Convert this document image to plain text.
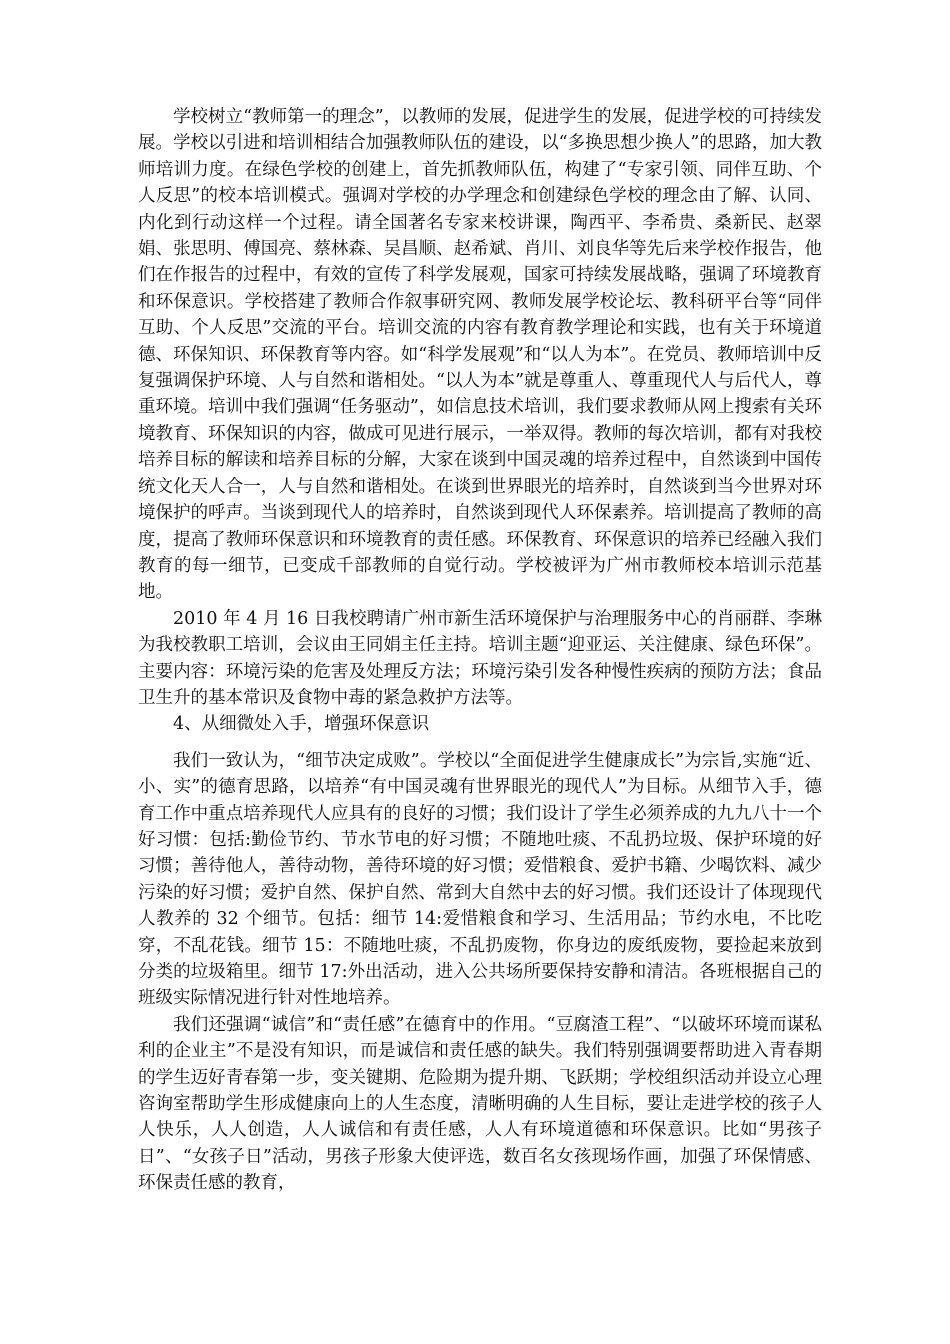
学校树立“教师第一的理念”，以教师的发展，促进学生的发展，促进学校的可持续发展。学校以引进和培训相结合加强教师队伍的建设，以“多换思想少换人”的思路，加大教师培训力度。在绿色学校的创建上，首先抓教师队伍，构建了“专家引领、同伴互助、个人反思”的校本培训模式。强调对学校的办学理念和创建绿色学校的理念由了解、认同、内化到行动这样一个过程。请全国著名专家来校讲课，陶西平、李希贵、桑新民、赵翠娟、张思明、傅国亮、蔡林森、吴昌顺、赵希斌、肖川、刘良华等先后来学校作报告，他们在作报告的过程中，有效的宣传了科学发展观，国家可持续发展战略，强调了环境教育和环保意识。学校搭建了教师合作叙事研究网、教师发展学校论坛、教科研平台等“同伴互助、个人反思”交流的平台。培训交流的内容有教育教学理论和实践，也有关于环境道德、环保知识、环保教育等内容。如“科学发展观”和“以人为本”。在党员、教师培训中反复强调保护环境、人与自然和谐相处。“以人为本”就是尊重人、尊重现代人与后代人，尊重环境。培训中我们强调“任务驱动”，如信息技术培训，我们要求教师从网上搜索有关环境教育、环保知识的内容，做成可见进行展示，一举双得。教师的每次培训，都有对我校培养目标的解读和培养目标的分解，大家在谈到中国灵魂的培养过程中，自然谈到中国传统文化天人合一，人与自然和谐相处。在谈到世界眼光的培养时，自然谈到当今世界对环境保护的呼声。当谈到现代人的培养时，自然谈到现代人环保素养。培训提高了教师的高度，提高了教师环保意识和环境教育的责任感。环保教育、环保意识的培养已经融入我们教育的每一细节，已变成千部教师的自觉行动。学校被评为广州市教师校本培训示范基地。

2010 年 4 月 16 日我校聘请广州市新生活环境保护与治理服务中心的肖丽群、李琳为我校教职工培训，会议由王同娟主任主持。培训主题“迎亚运、关注健康、绿色环保”。主要内容：环境污染的危害及处理反方法；环境污染引发各种慢性疾病的预防方法；食品卫生升的基本常识及食物中毒的紧急救护方法等。

4、从细微处入手，增强环保意识

我们一致认为，“细节决定成败”。学校以“全面促进学生健康成长”为宗旨,实施“近、小、实”的德育思路，以培养“有中国灵魂有世界眼光的现代人”为目标。从细节入手，德育工作中重点培养现代人应具有的良好的习惯；我们设计了学生必须养成的九九八十一个好习惯：包括:勤俭节约、节水节电的好习惯；不随地吐痰、不乱扔垃圾、保护环境的好习惯；善待他人，善待动物，善待环境的好习惯；爱惜粮食、爱护书籍、少喝饮料、减少污染的好习惯；爱护自然、保护自然、常到大自然中去的好习惯。我们还设计了体现现代人教养的 32 个细节。包括：细节 14:爱惜粮食和学习、生活用品；节约水电，不比吃穿，不乱花钱。细节 15：不随地吐痰，不乱扔废物，你身边的废纸废物，要捡起来放到分类的垃圾箱里。细节 17:外出活动，进入公共场所要保持安静和清洁。各班根据自己的班级实际情况进行针对性地培养。

我们还强调“诚信”和“责任感”在德育中的作用。“豆腐渣工程”、“以破坏环境而谋私利的企业主”不是没有知识，而是诚信和责任感的缺失。我们特别强调要帮助进入青春期的学生迈好青春第一步，变关键期、危险期为提升期、飞跃期；学校组织活动并设立心理咨询室帮助学生形成健康向上的人生态度，清晰明确的人生目标，要让走进学校的孩子人人快乐，人人创造，人人诚信和有责任感，人人有环境道德和环保意识。比如“男孩子日”、“女孩子日”活动，男孩子形象大使评选，数百名女孩现场作画，加强了环保情感、环保责任感的教育，
